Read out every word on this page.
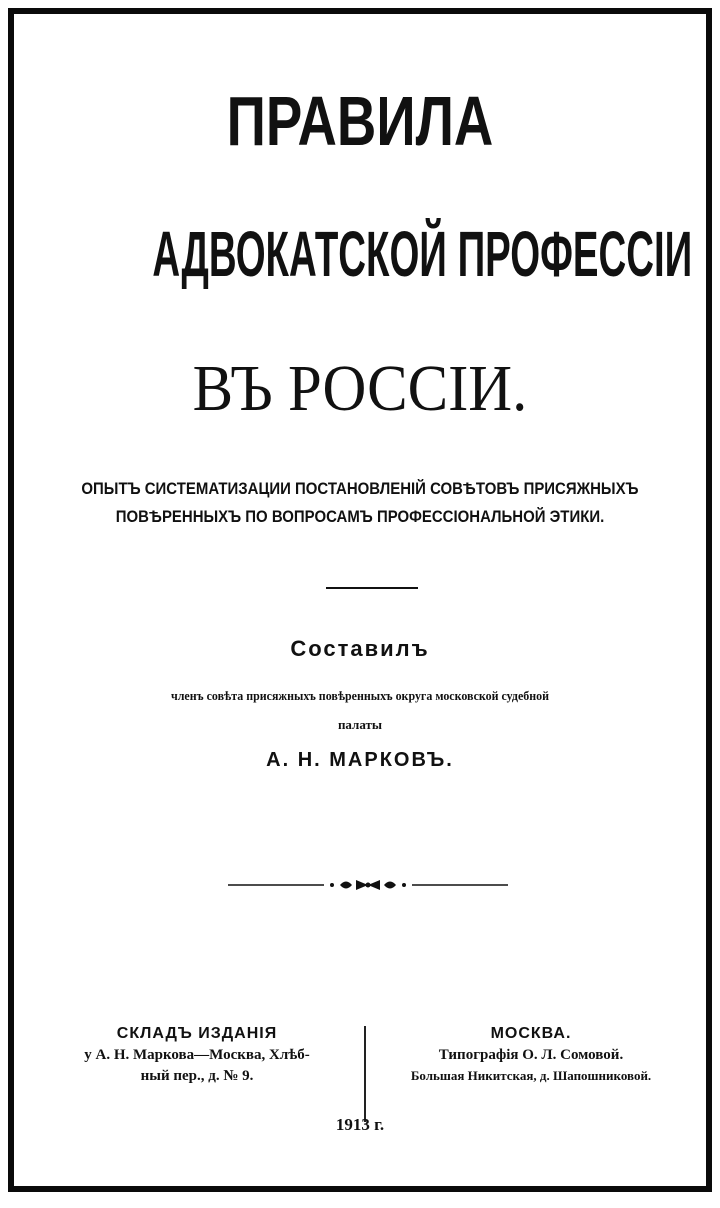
ПРАВИЛА
АДВОКАТСКОЙ ПРОФЕССІИ
ВЪ РОССІИ.
ОПЫТЪ СИСТЕМАТИЗАЦИИ ПОСТАНОВЛЕНІЙ СОВѢТОВЪ ПРИСЯЖНЫХЪ
ПОВѢРЕННЫХЪ ПО ВОПРОСАМЪ ПРОФЕССІОНАЛЬНОЙ ЭТИКИ.
Составилъ
членъ совѣта присяжныхъ повѣренныхъ округа московской судебной
палаты
А. Н. МАРКОВЪ.
СКЛАДЪ ИЗДАНІЯ
у А. Н. Маркова—Москва, Хлѣб-
ный пер., д. № 9.
МОСКВА.
Типографія О. Л. Сомовой.
Большая Никитская, д. Шапошниковой.
1913 г.
